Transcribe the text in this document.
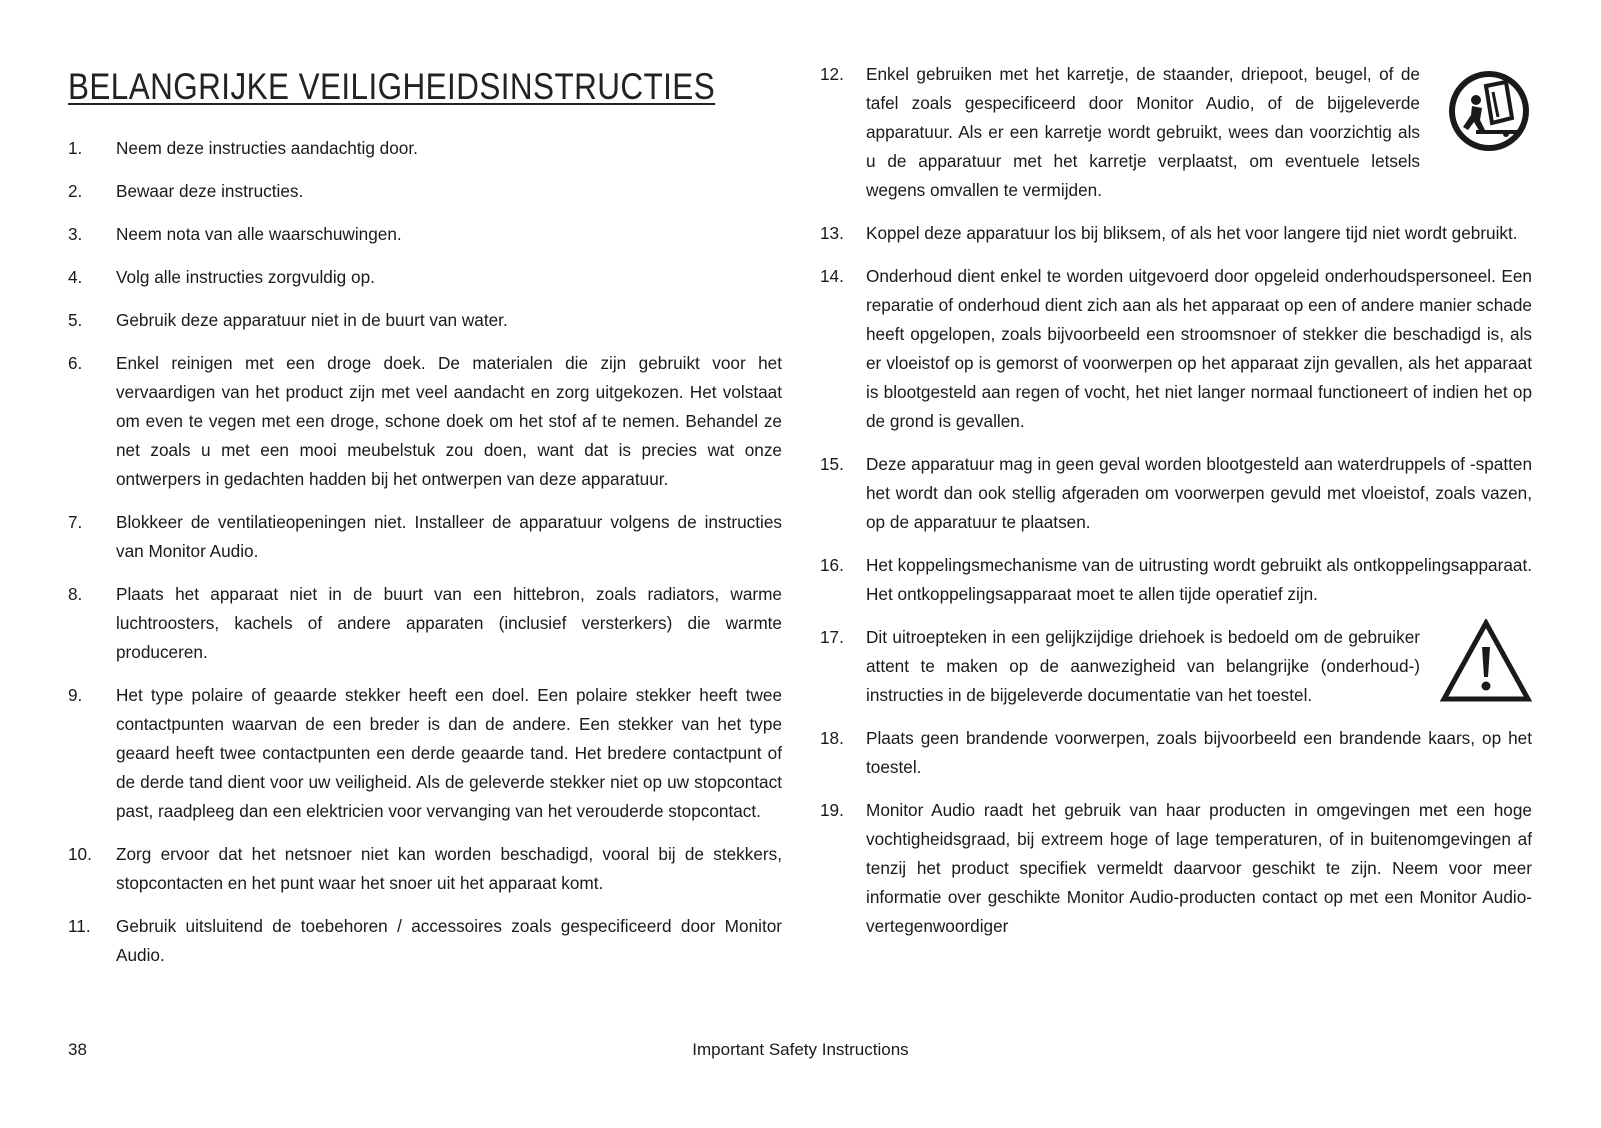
BELANGRIJKE VEILIGHEIDSINSTRUCTIES
1. Neem deze instructies aandachtig door.
2. Bewaar deze instructies.
3. Neem nota van alle waarschuwingen.
4. Volg alle instructies zorgvuldig op.
5. Gebruik deze apparatuur niet in de buurt van water.
6. Enkel reinigen met een droge doek. De materialen die zijn gebruikt voor het vervaardigen van het product zijn met veel aandacht en zorg uitgekozen. Het volstaat om even te vegen met een droge, schone doek om het stof af te nemen. Behandel ze net zoals u met een mooi meubelstuk zou doen, want dat is precies wat onze ontwerpers in gedachten hadden bij het ontwerpen van deze apparatuur.
7. Blokkeer de ventilatieopeningen niet. Installeer de apparatuur volgens de instructies van Monitor Audio.
8. Plaats het apparaat niet in de buurt van een hittebron, zoals radiators, warme luchtroosters, kachels of andere apparaten (inclusief versterkers) die warmte produceren.
9. Het type polaire of geaarde stekker heeft een doel. Een polaire stekker heeft twee contactpunten waarvan de een breder is dan de andere. Een stekker van het type geaard heeft twee contactpunten een derde geaarde tand. Het bredere contactpunt of de derde tand dient voor uw veiligheid. Als de geleverde stekker niet op uw stopcontact past, raadpleeg dan een elektricien voor vervanging van het verouderde stopcontact.
10. Zorg ervoor dat het netsnoer niet kan worden beschadigd, vooral bij de stekkers, stopcontacten en het punt waar het snoer uit het apparaat komt.
11. Gebruik uitsluitend de toebehoren / accessoires zoals gespecificeerd door Monitor Audio.
12. Enkel gebruiken met het karretje, de staander, driepoot, beugel, of de tafel zoals gespecificeerd door Monitor Audio, of de bijgeleverde apparatuur. Als er een karretje wordt gebruikt, wees dan voorzichtig als u de apparatuur met het karretje verplaatst, om eventuele letsels wegens omvallen te vermijden.
13. Koppel deze apparatuur los bij bliksem, of als het voor langere tijd niet wordt gebruikt.
14. Onderhoud dient enkel te worden uitgevoerd door opgeleid onderhoudspersoneel. Een reparatie of onderhoud dient zich aan als het apparaat op een of andere manier schade heeft opgelopen, zoals bijvoorbeeld een stroomsnoer of stekker die beschadigd is, als er vloeistof op is gemorst of voorwerpen op het apparaat zijn gevallen, als het apparaat is blootgesteld aan regen of vocht, het niet langer normaal functioneert of indien het op de grond is gevallen.
15. Deze apparatuur mag in geen geval worden blootgesteld aan waterdruppels of -spatten het wordt dan ook stellig afgeraden om voorwerpen gevuld met vloeistof, zoals vazen, op de apparatuur te plaatsen.
16. Het koppelingsmechanisme van de uitrusting wordt gebruikt als ontkoppelingsapparaat. Het ontkoppelingsapparaat moet te allen tijde operatief zijn.
17. Dit uitroepteken in een gelijkzijdige driehoek is bedoeld om de gebruiker attent te maken op de aanwezigheid van belangrijke (onderhoud-) instructies in de bijgeleverde documentatie van het toestel.
18. Plaats geen brandende voorwerpen, zoals bijvoorbeeld een brandende kaars, op het toestel.
19. Monitor Audio raadt het gebruik van haar producten in omgevingen met een hoge vochtigheidsgraad, bij extreem hoge of lage temperaturen, of in buitenomgevingen af tenzij het product specifiek vermeldt daarvoor geschikt te zijn. Neem voor meer informatie over geschikte Monitor Audio-producten contact op met een Monitor Audio-vertegenwoordiger
38	Important Safety Instructions
